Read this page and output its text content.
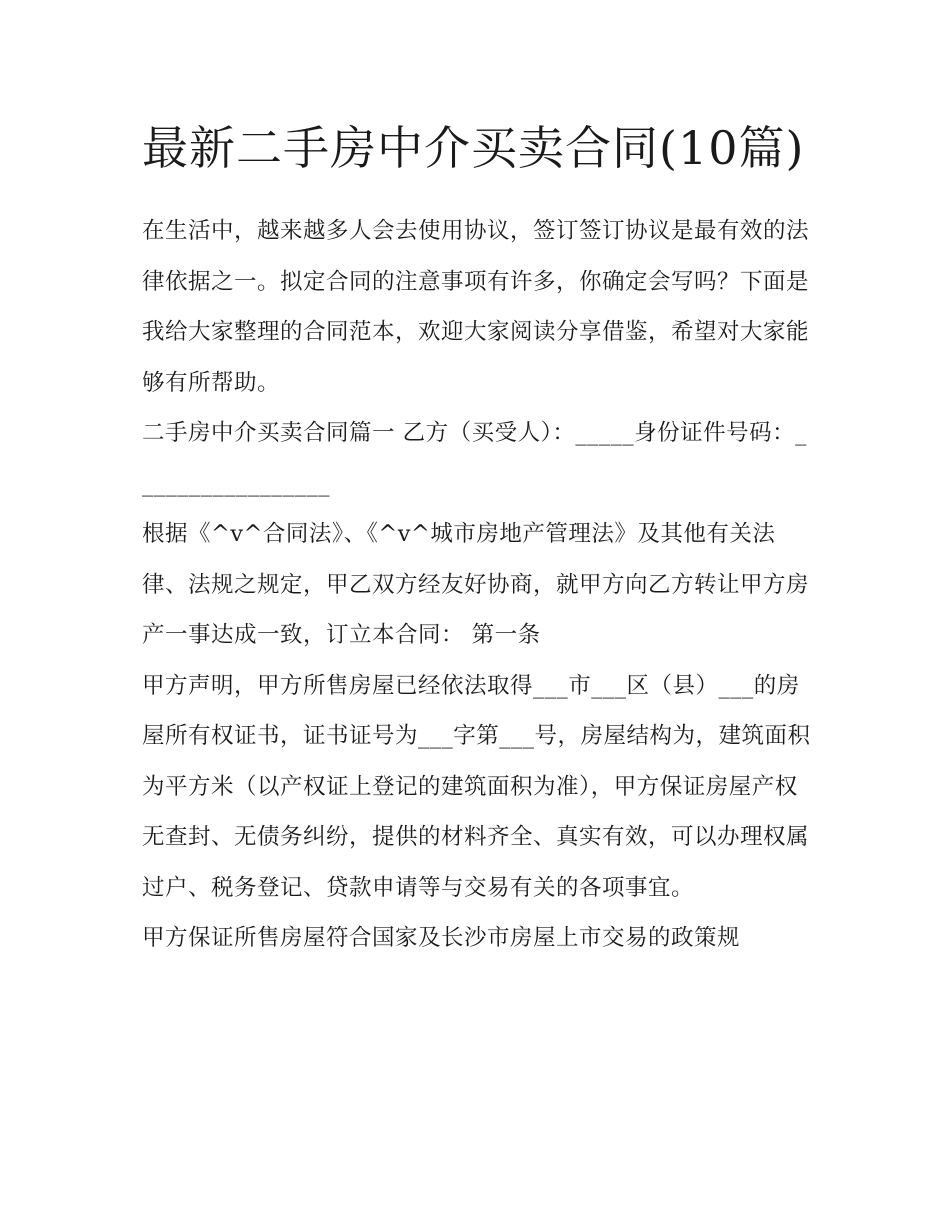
最新二手房中介买卖合同(10篇)

在生活中，越来越多人会去使用协议，签订签订协议是最有效的法律依据之一。拟定合同的注意事项有许多，你确定会写吗？下面是我给大家整理的合同范本，欢迎大家阅读分享借鉴，希望对大家能够有所帮助。

二手房中介买卖合同篇一 乙方（买受人）：_____身份证件号码：_________________

根据《^v^合同法》、《^v^城市房地产管理法》及其他有关法律、法规之规定，甲乙双方经友好协商，就甲方向乙方转让甲方房产一事达成一致，订立本合同： 第一条

甲方声明，甲方所售房屋已经依法取得___市___区（县）___的房屋所有权证书，证书证号为___字第___号，房屋结构为，建筑面积为平方米（以产权证上登记的建筑面积为准），甲方保证房屋产权无查封、无债务纠纷，提供的材料齐全、真实有效，可以办理权属过户、税务登记、贷款申请等与交易有关的各项事宜。

甲方保证所售房屋符合国家及长沙市房屋上市交易的政策规
